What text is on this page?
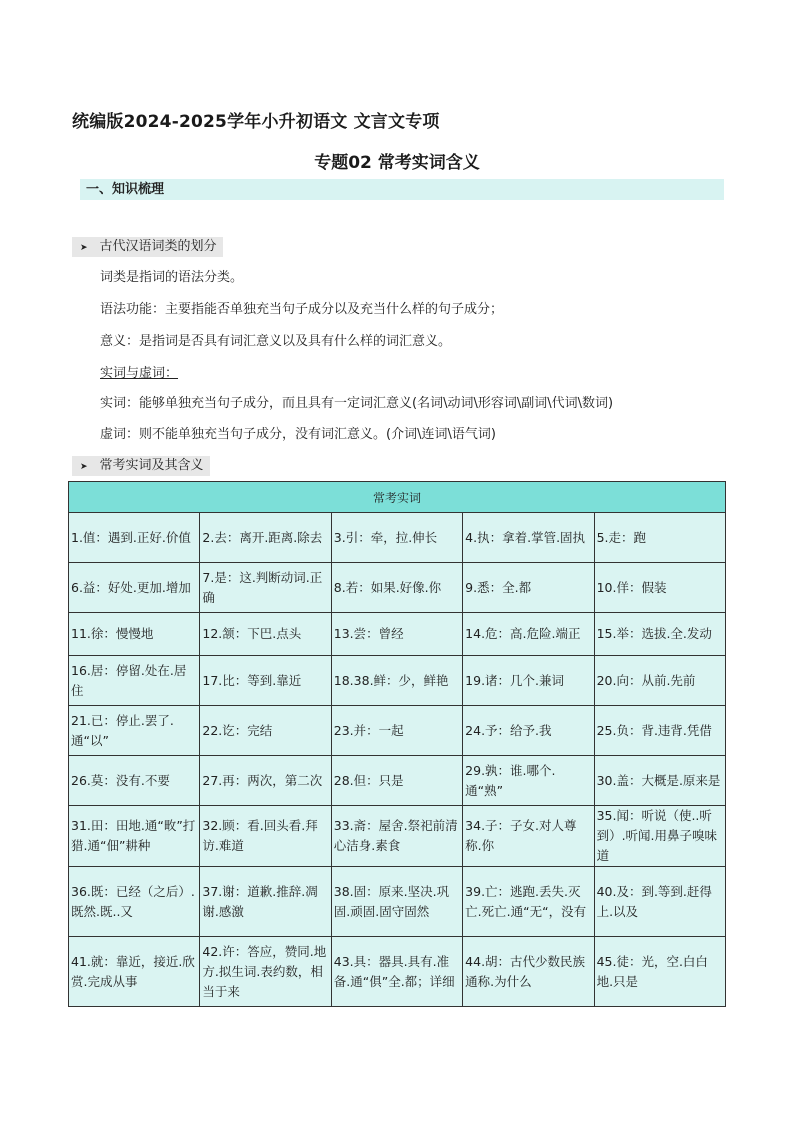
统编版2024-2025学年小升初语文 文言文专项
专题02 常考实词含义
一、知识梳理
➤ 古代汉语词类的划分
词类是指词的语法分类。
语法功能：主要指能否单独充当句子成分以及充当什么样的句子成分；
意义：是指词是否具有词汇意义以及具有什么样的词汇意义。
实词与虚词：
实词：能够单独充当句子成分，而且具有一定词汇意义(名词\动词\形容词\副词\代词\数词)
虚词：则不能单独充当句子成分，没有词汇意义。(介词\连词\语气词)
➤ 常考实词及其含义
常考实词				
1.值：遇到.正好.价值	2.去：离开.距离.除去	3.引：牵，拉.伸长	4.执：拿着.掌管.固执	5.走：跑
6.益：好处.更加.增加	7.是：这.判断动词.正确	8.若：如果.好像.你	9.悉：全.都	10.佯：假装
11.徐：慢慢地	12.颔：下巴.点头	13.尝：曾经	14.危：高.危险.端正	15.举：选拔.全.发动
16.居：停留.处在.居住	17.比：等到.靠近	18.38.鲜：少，鲜艳	19.诸：几个.兼词	20.向：从前.先前
21.已：停止.罢了.通“以”	22.讫：完结	23.并：一起	24.予：给予.我	25.负：背.违背.凭借
26.莫：没有.不要	27.再：两次，第二次	28.但：只是	29.孰：谁.哪个.通“熟”	30.盖：大概是.原来是
31.田：田地.通“畋”打猎.通“佃”耕种	32.顾：看.回头看.拜访.难道	33.斋：屋舍.祭祀前清心洁身.素食	34.子：子女.对人尊称.你	35.闻：听说（使..听到）.听闻.用鼻子嗅味道
36.既：已经（之后）.既然.既..又	37.谢：道歉.推辞.凋谢.感激	38.固：原来.坚决.巩固.顽固.固守固然	39.亡：逃跑.丢失.灭亡.死亡.通“无“，没有	40.及：到.等到.赶得上.以及
41.就：靠近，接近.欣赏.完成从事	42.许：答应，赞同.地方.拟生词.表约数，相当于来	43.具：器具.具有.准备.通“俱”全.都；详细	44.胡：古代少数民族通称.为什么	45.徒：光，空.白白地.只是
